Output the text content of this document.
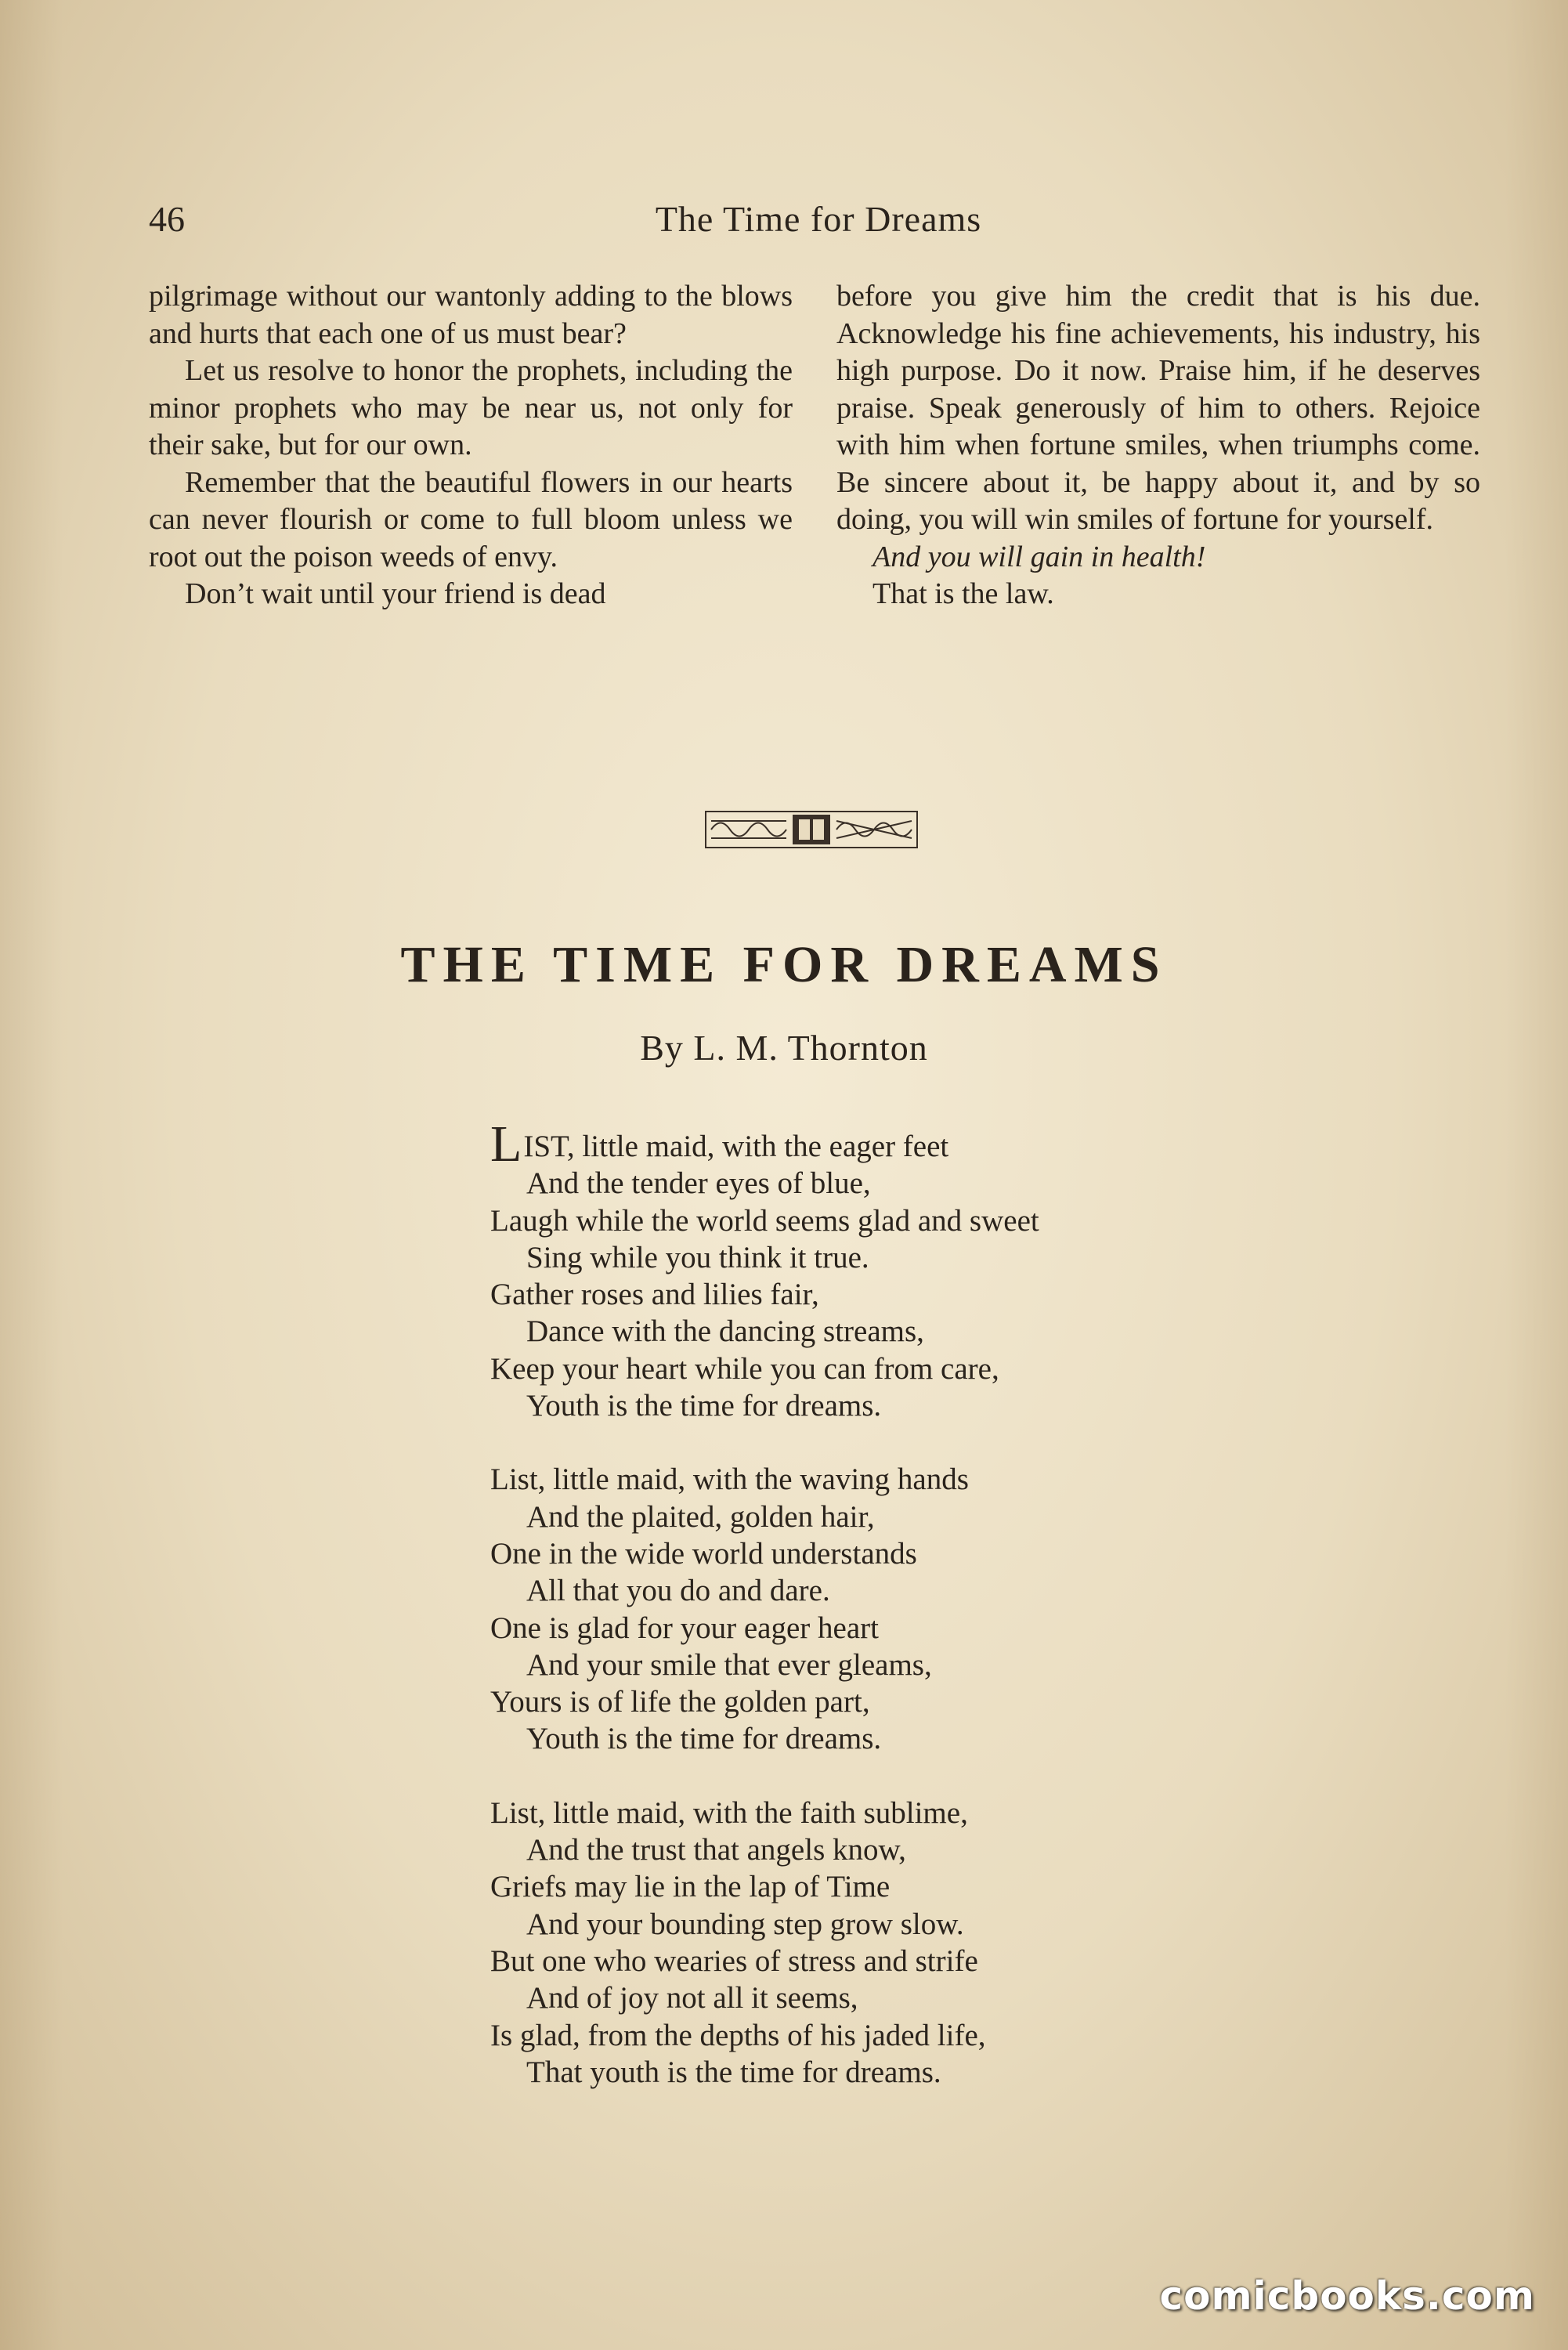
46	The Time for Dreams

pilgrimage without our wantonly adding to the blows and hurts that each one of us must bear?

Let us resolve to honor the prophets, including the minor prophets who may be near us, not only for their sake, but for our own.

Remember that the beautiful flowers in our hearts can never flourish or come to full bloom unless we root out the poison weeds of envy.

Don’t wait until your friend is dead

before you give him the credit that is his due. Acknowledge his fine achievements, his industry, his high purpose. Do it now. Praise him, if he deserves praise. Speak generously of him to others. Rejoice with him when fortune smiles, when triumphs come. Be sincere about it, be happy about it, and by so doing, you will win smiles of fortune for yourself.

And you will gain in health!

That is the law.

THE TIME FOR DREAMS
By L. M. Thornton
LIST, little maid, with the eager feet
And the tender eyes of blue,
Laugh while the world seems glad and sweet
Sing while you think it true.
Gather roses and lilies fair,
Dance with the dancing streams,
Keep your heart while you can from care,
Youth is the time for dreams.
List, little maid, with the waving hands
And the plaited, golden hair,
One in the wide world understands
All that you do and dare.
One is glad for your eager heart
And your smile that ever gleams,
Yours is of life the golden part,
Youth is the time for dreams.
List, little maid, with the faith sublime,
And the trust that angels know,
Griefs may lie in the lap of Time
And your bounding step grow slow.
But one who wearies of stress and strife
And of joy not all it seems,
Is glad, from the depths of his jaded life,
That youth is the time for dreams.
comicbooks.com
